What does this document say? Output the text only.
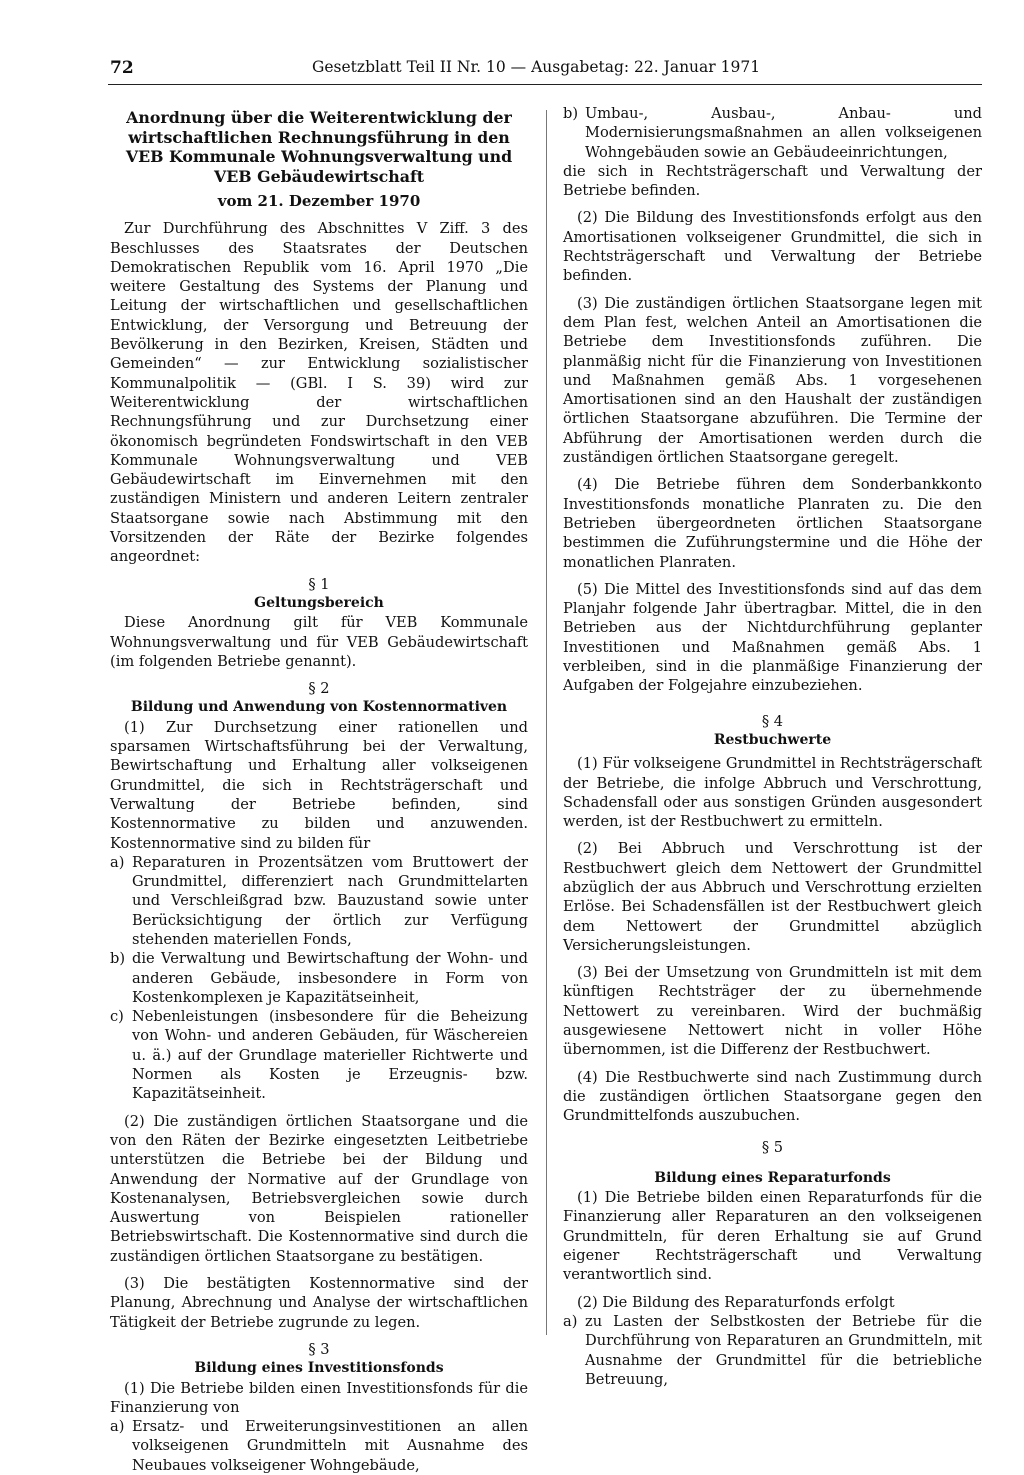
72	Gesetzblatt Teil II Nr. 10 — Ausgabetag: 22. Januar 1971
Anordnung über die Weiterentwicklung der wirtschaftlichen Rechnungsführung in den VEB Kommunale Wohnungsverwaltung und VEB Gebäudewirtschaft
vom 21. Dezember 1970

Zur Durchführung des Abschnittes V Ziff. 3 des Beschlusses des Staatsrates der Deutschen Demokratischen Republik vom 16. April 1970 „Die weitere Gestaltung des Systems der Planung und Leitung der wirtschaftlichen und gesellschaftlichen Entwicklung, der Versorgung und Betreuung der Bevölkerung in den Bezirken, Kreisen, Städten und Gemeinden“ — zur Entwicklung sozialistischer Kommunalpolitik — (GBl. I S. 39) wird zur Weiterentwicklung der wirtschaftlichen Rechnungsführung und zur Durchsetzung einer ökonomisch begründeten Fondswirtschaft in den VEB Kommunale Wohnungsverwaltung und VEB Gebäudewirtschaft im Einvernehmen mit den zuständigen Ministern und anderen Leitern zentraler Staatsorgane sowie nach Abstimmung mit den Vorsitzenden der Räte der Bezirke folgendes angeordnet:

§ 1
Geltungsbereich

Diese Anordnung gilt für VEB Kommunale Wohnungsverwaltung und für VEB Gebäudewirtschaft (im folgenden Betriebe genannt).

§ 2
Bildung und Anwendung von Kostennormativen

(1) Zur Durchsetzung einer rationellen und sparsamen Wirtschaftsführung bei der Verwaltung, Bewirtschaftung und Erhaltung aller volkseigenen Grundmittel, die sich in Rechtsträgerschaft und Verwaltung der Betriebe befinden, sind Kostennormative zu bilden und anzuwenden. Kostennormative sind zu bilden für

a) Reparaturen in Prozentsätzen vom Bruttowert der Grundmittel, differenziert nach Grundmittelarten und Verschleißgrad bzw. Bauzustand sowie unter Berücksichtigung der örtlich zur Verfügung stehenden materiellen Fonds,
b) die Verwaltung und Bewirtschaftung der Wohn- und anderen Gebäude, insbesondere in Form von Kostenkomplexen je Kapazitätseinheit,
c) Nebenleistungen (insbesondere für die Beheizung von Wohn- und anderen Gebäuden, für Wäschereien u. ä.) auf der Grundlage materieller Richtwerte und Normen als Kosten je Erzeugnis- bzw. Kapazitätseinheit.

(2) Die zuständigen örtlichen Staatsorgane und die von den Räten der Bezirke eingesetzten Leitbetriebe unterstützen die Betriebe bei der Bildung und Anwendung der Normative auf der Grundlage von Kostenanalysen, Betriebsvergleichen sowie durch Auswertung von Beispielen rationeller Betriebswirtschaft. Die Kostennormative sind durch die zuständigen örtlichen Staatsorgane zu bestätigen.

(3) Die bestätigten Kostennormative sind der Planung, Abrechnung und Analyse der wirtschaftlichen Tätigkeit der Betriebe zugrunde zu legen.

§ 3
Bildung eines Investitionsfonds

(1) Die Betriebe bilden einen Investitionsfonds für die Finanzierung von

a) Ersatz- und Erweiterungsinvestitionen an allen volkseigenen Grundmitteln mit Ausnahme des Neubaues volkseigener Wohngebäude,
b) Umbau-, Ausbau-, Anbau- und Modernisierungsmaßnahmen an allen volkseigenen Wohngebäuden sowie an Gebäudeeinrichtungen,

die sich in Rechtsträgerschaft und Verwaltung der Betriebe befinden.

(2) Die Bildung des Investitionsfonds erfolgt aus den Amortisationen volkseigener Grundmittel, die sich in Rechtsträgerschaft und Verwaltung der Betriebe befinden.

(3) Die zuständigen örtlichen Staatsorgane legen mit dem Plan fest, welchen Anteil an Amortisationen die Betriebe dem Investitionsfonds zuführen. Die planmäßig nicht für die Finanzierung von Investitionen und Maßnahmen gemäß Abs. 1 vorgesehenen Amortisationen sind an den Haushalt der zuständigen örtlichen Staatsorgane abzuführen. Die Termine der Abführung der Amortisationen werden durch die zuständigen örtlichen Staatsorgane geregelt.

(4) Die Betriebe führen dem Sonderbankkonto Investitionsfonds monatliche Planraten zu. Die den Betrieben übergeordneten örtlichen Staatsorgane bestimmen die Zuführungstermine und die Höhe der monatlichen Planraten.

(5) Die Mittel des Investitionsfonds sind auf das dem Planjahr folgende Jahr übertragbar. Mittel, die in den Betrieben aus der Nichtdurchführung geplanter Investitionen und Maßnahmen gemäß Abs. 1 verbleiben, sind in die planmäßige Finanzierung der Aufgaben der Folgejahre einzubeziehen.

§ 4
Restbuchwerte

(1) Für volkseigene Grundmittel in Rechtsträgerschaft der Betriebe, die infolge Abbruch und Verschrottung, Schadensfall oder aus sonstigen Gründen ausgesondert werden, ist der Restbuchwert zu ermitteln.

(2) Bei Abbruch und Verschrottung ist der Restbuchwert gleich dem Nettowert der Grundmittel abzüglich der aus Abbruch und Verschrottung erzielten Erlöse. Bei Schadensfällen ist der Restbuchwert gleich dem Nettowert der Grundmittel abzüglich Versicherungsleistungen.

(3) Bei der Umsetzung von Grundmitteln ist mit dem künftigen Rechtsträger der zu übernehmende Nettowert zu vereinbaren. Wird der buchmäßig ausgewiesene Nettowert nicht in voller Höhe übernommen, ist die Differenz der Restbuchwert.

(4) Die Restbuchwerte sind nach Zustimmung durch die zuständigen örtlichen Staatsorgane gegen den Grundmittelfonds auszubuchen.

§ 5
Bildung eines Reparaturfonds

(1) Die Betriebe bilden einen Reparaturfonds für die Finanzierung aller Reparaturen an den volkseigenen Grundmitteln, für deren Erhaltung sie auf Grund eigener Rechtsträgerschaft und Verwaltung verantwortlich sind.

(2) Die Bildung des Reparaturfonds erfolgt

a) zu Lasten der Selbstkosten der Betriebe für die Durchführung von Reparaturen an Grundmitteln, mit Ausnahme der Grundmittel für die betriebliche Betreuung,
